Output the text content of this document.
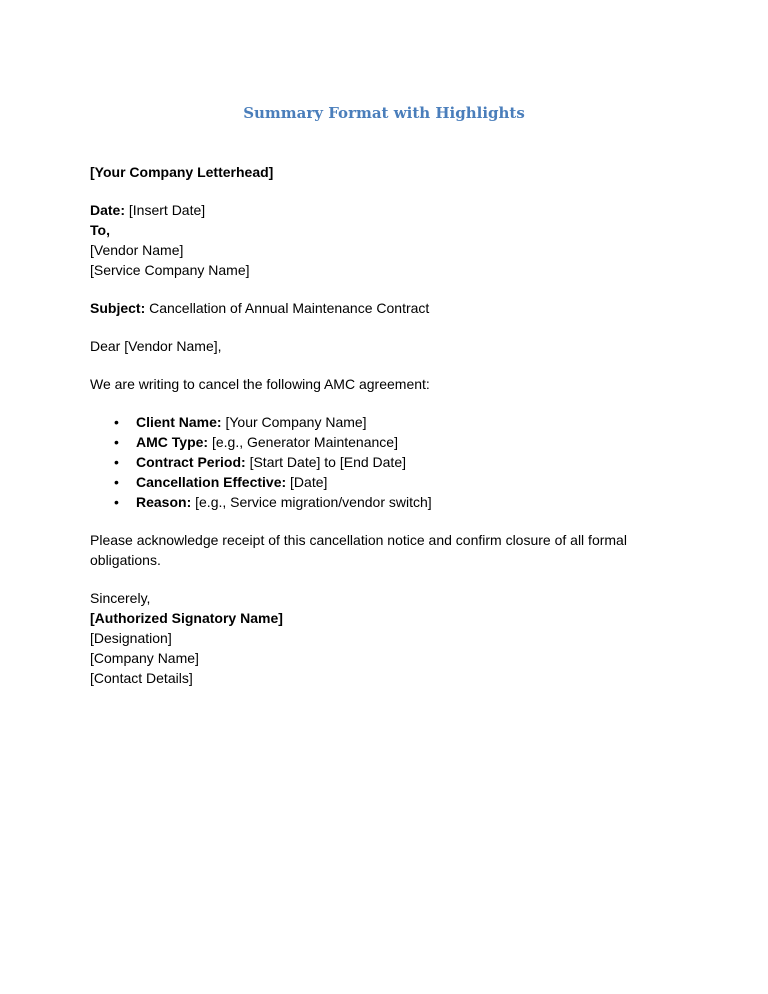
Summary Format with Highlights

[Your Company Letterhead]

Date: [Insert Date]

To,

[Vendor Name]

[Service Company Name]

Subject: Cancellation of Annual Maintenance Contract

Dear [Vendor Name],

We are writing to cancel the following AMC agreement:

• Client Name: [Your Company Name]
• AMC Type: [e.g., Generator Maintenance]
• Contract Period: [Start Date] to [End Date]
• Cancellation Effective: [Date]
• Reason: [e.g., Service migration/vendor switch]

Please acknowledge receipt of this cancellation notice and confirm closure of all formal obligations.

Sincerely,

[Authorized Signatory Name]

[Designation]

[Company Name]

[Contact Details]
